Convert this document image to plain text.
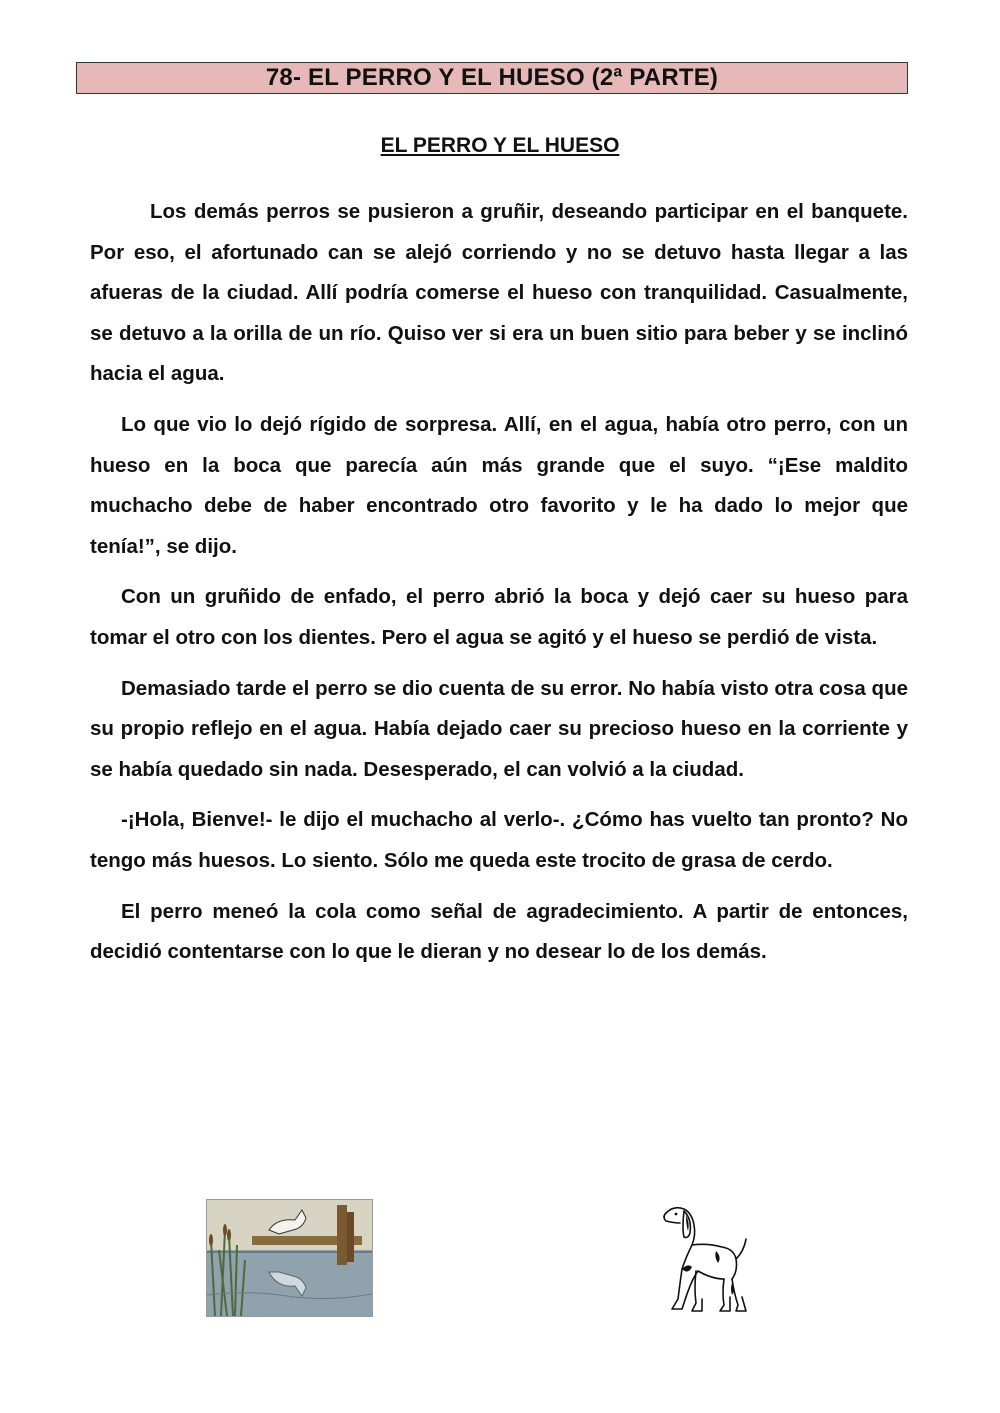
78- EL PERRO Y EL HUESO (2ª PARTE)
EL PERRO Y EL HUESO

Los demás perros se pusieron a gruñir, deseando participar en el banquete. Por eso, el afortunado can se alejó corriendo y no se detuvo hasta llegar a las afueras de la ciudad. Allí podría comerse el hueso con tranquilidad. Casualmente, se detuvo a la orilla de un río. Quiso ver si era un buen sitio para beber y se inclinó hacia el agua.

Lo que vio lo dejó rígido de sorpresa. Allí, en el agua, había otro perro, con un hueso en la boca que parecía aún más grande que el suyo. “¡Ese maldito muchacho debe de haber encontrado otro favorito y le ha dado lo mejor que tenía!”, se dijo.

Con un gruñido de enfado, el perro abrió la boca y dejó caer su hueso para tomar el otro con los dientes. Pero el agua se agitó y el hueso se perdió de vista.

Demasiado tarde el perro se dio cuenta de su error. No había visto otra cosa que su propio reflejo en el agua. Había dejado caer su precioso hueso en la corriente y se había quedado sin nada. Desesperado, el can volvió a la ciudad.

-¡Hola, Bienve!- le dijo el muchacho al verlo-. ¿Cómo has vuelto tan pronto? No tengo más huesos. Lo siento. Sólo me queda este trocito de grasa de cerdo.

El perro meneó la cola como señal de agradecimiento. A partir de entonces, decidió contentarse con lo que le dieran y no desear lo de los demás.
